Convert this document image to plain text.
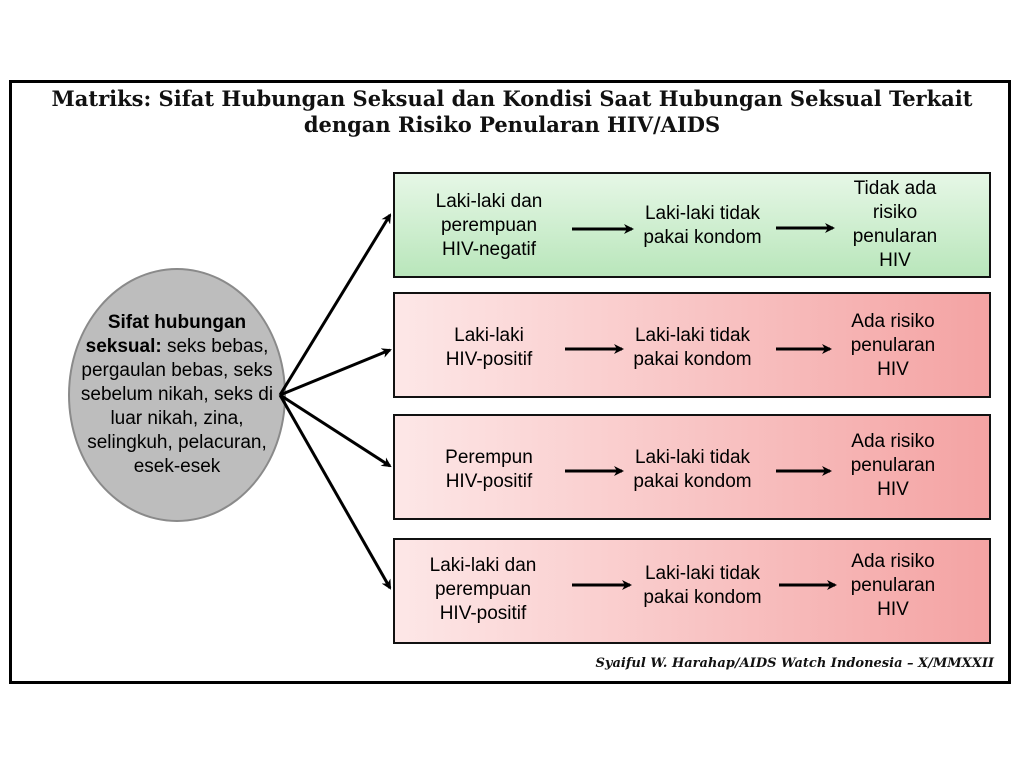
Matriks: Sifat Hubungan Seksual dan Kondisi Saat Hubungan Seksual Terkait
dengan Risiko Penularan HIV/AIDS
Sifat hubungan seksual: seks bebas, pergaulan bebas, seks sebelum nikah, seks di luar nikah, zina, selingkuh, pelacuran, esek-esek
Laki-laki dan
perempuan
HIV-negatif
Laki-laki tidak
pakai kondom
Tidak ada
risiko
penularan
HIV
Laki-laki
HIV-positif
Laki-laki tidak
pakai kondom
Ada risiko
penularan
HIV
Perempun
HIV-positif
Laki-laki tidak
pakai kondom
Ada risiko
penularan
HIV
Laki-laki dan
perempuan
HIV-positif
Laki-laki tidak
pakai kondom
Ada risiko
penularan
HIV
Syaiful W. Harahap/AIDS Watch Indonesia – X/MMXXII
